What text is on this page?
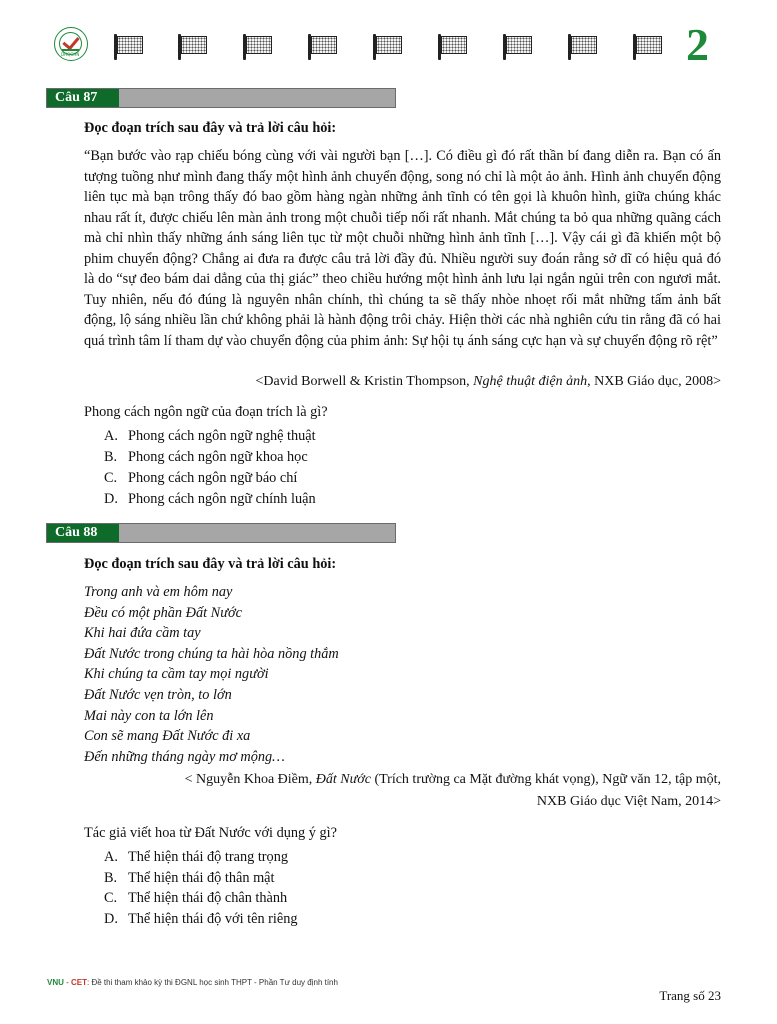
DHQGHN	2
Câu 87
Đọc đoạn trích sau đây và trả lời câu hỏi:
“Bạn bước vào rạp chiếu bóng cùng với vài người bạn […]. Có điều gì đó rất thần bí đang diễn ra. Bạn có ấn tượng tuồng như mình đang thấy một hình ảnh chuyển động, song nó chỉ là một ảo ảnh. Hình ảnh chuyển động liên tục mà bạn trông thấy đó bao gồm hàng ngàn những ảnh tĩnh có tên gọi là khuôn hình, giữa chúng khác nhau rất ít, được chiếu lên màn ảnh trong một chuỗi tiếp nối rất nhanh. Mắt chúng ta bỏ qua những quãng cách mà chỉ nhìn thấy những ánh sáng liên tục từ một chuỗi những hình ảnh tĩnh […]. Vậy cái gì đã khiến một bộ phim chuyển động? Chẳng ai đưa ra được câu trả lời đầy đủ. Nhiều người suy đoán rằng sở dĩ có hiệu quả đó là do “sự đeo bám dai dẳng của thị giác” theo chiều hướng một hình ảnh lưu lại ngắn ngủi trên con ngươi mắt. Tuy nhiên, nếu đó đúng là nguyên nhân chính, thì chúng ta sẽ thấy nhòe nhoẹt rối mắt những tấm ảnh bất động, lộ sáng nhiều lần chứ không phải là hành động trôi chảy. Hiện thời các nhà nghiên cứu tin rằng đã có hai quá trình tâm lí tham dự vào chuyển động của phim ảnh: Sự hội tụ ánh sáng cực hạn và sự chuyển động rõ rệt”
<David Borwell & Kristin Thompson, Nghệ thuật điện ảnh, NXB Giáo dục, 2008>
Phong cách ngôn ngữ của đoạn trích là gì?
A. Phong cách ngôn ngữ nghệ thuật
B. Phong cách ngôn ngữ khoa học
C. Phong cách ngôn ngữ báo chí
D. Phong cách ngôn ngữ chính luận
Câu 88
Đọc đoạn trích sau đây và trả lời câu hỏi:
Trong anh và em hôm nay
Đều có một phần Đất Nước
Khi hai đứa cầm tay
Đất Nước trong chúng ta hài hòa nồng thắm
Khi chúng ta cầm tay mọi người
Đất Nước vẹn tròn, to lớn
Mai này con ta lớn lên
Con sẽ mang Đất Nước đi xa
Đến những tháng ngày mơ mộng…
< Nguyễn Khoa Điềm, Đất Nước (Trích trường ca Mặt đường khát vọng), Ngữ văn 12, tập một,
NXB Giáo dục Việt Nam, 2014>
Tác giả viết hoa từ Đất Nước với dụng ý gì?
A. Thể hiện thái độ trang trọng
B. Thể hiện thái độ thân mật
C. Thể hiện thái độ chân thành
D. Thể hiện thái độ với tên riêng
VNU - CET: Đề thi tham khảo kỳ thi ĐGNL học sinh THPT - Phần Tư duy định tính
Trang số 23
